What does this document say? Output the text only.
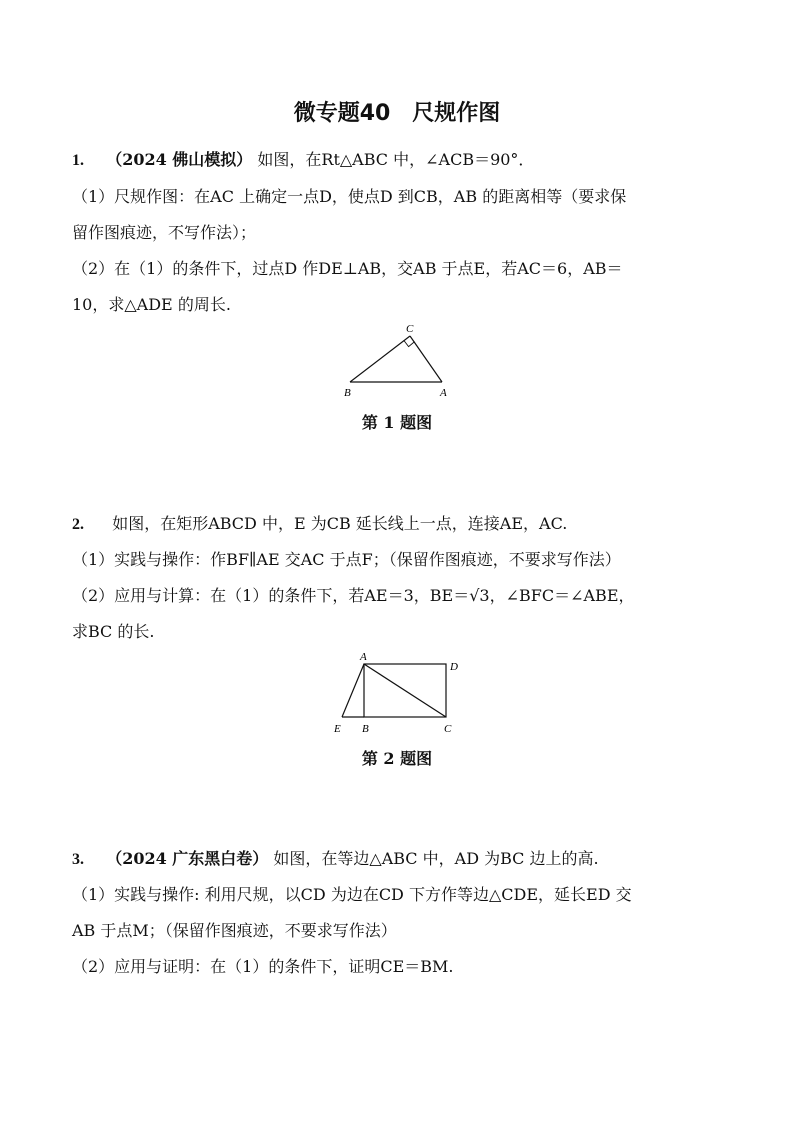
微专题40　尺规作图
1. （2024 佛山模拟） 如图，在Rt△ABC 中，∠ACB＝90°．
（1）尺规作图：在AC 上确定一点D，使点D 到CB，AB 的距离相等（要求保
留作图痕迹，不写作法）；
（2）在（1）的条件下，过点D 作DE⊥AB，交AB 于点E，若AC＝6，AB＝
10，求△ADE 的周长.
C
B	A
第 1 题图
2. 如图，在矩形ABCD 中，E 为CB 延长线上一点，连接AE，AC.
（1）实践与操作：作BF∥AE 交AC 于点F；（保留作图痕迹，不要求写作法）
（2）应用与计算：在（1）的条件下，若AE＝3，BE＝√3，∠BFC＝∠ABE，
求BC 的长.
A
D
E B	C
第 2 题图
3. （2024 广东黑白卷） 如图，在等边△ABC 中，AD 为BC 边上的高.
（1）实践与操作: 利用尺规，以CD 为边在CD 下方作等边△CDE，延长ED 交
AB 于点M；（保留作图痕迹，不要求写作法）
（2）应用与证明：在（1）的条件下，证明CE＝BM.
